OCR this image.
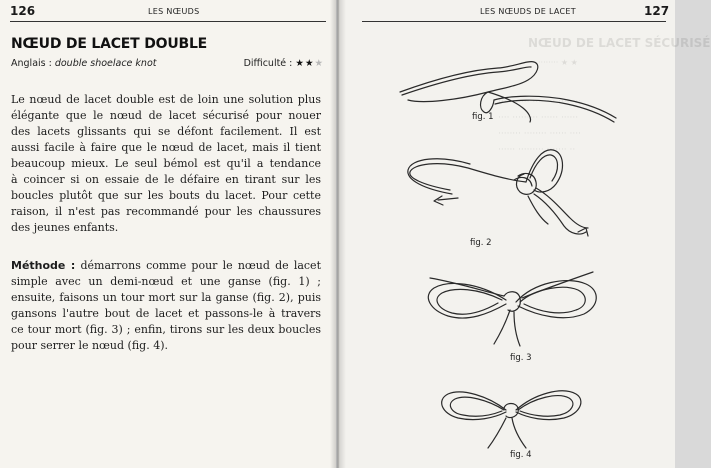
126	LES NŒUDS
NŒUD DE LACET DOUBLE
Anglais : double shoelace knot	Difficulté : ★★★
Le nœud de lacet double est de loin une solution plus
élégante que le nœud de lacet sécurisé pour nouer
des lacets glissants qui se défont facilement. Il est
aussi facile à faire que le nœud de lacet, mais il tient
beaucoup mieux. Le seul bémol est qu'il a tendance
à coincer si on essaie de le défaire en tirant sur les
boucles plutôt que sur les bouts du lacet. Pour cette
raison, il n'est pas recommandé pour les chaussures
des jeunes enfants.
Méthode : démarrons comme pour le nœud de lacet
simple avec un demi-nœud et une ganse (fig. 1) ;
ensuite, faisons un tour mort sur la ganse (fig. 2), puis
gansons l'autre bout de lacet et passons-le à travers
ce tour mort (fig. 3) ; enfin, tirons sur les deux boucles
pour serrer le nœud (fig. 4).
LES NŒUDS DE LACET	127
NŒUD DE LACET SÉCURISÉ
········ ★ ★
··· ······· ········ ········
···· ········· ······ ······
········ ········ ······ ····
······ ········· ······· ··
fig. 1
fig. 2
fig. 3
fig. 4
